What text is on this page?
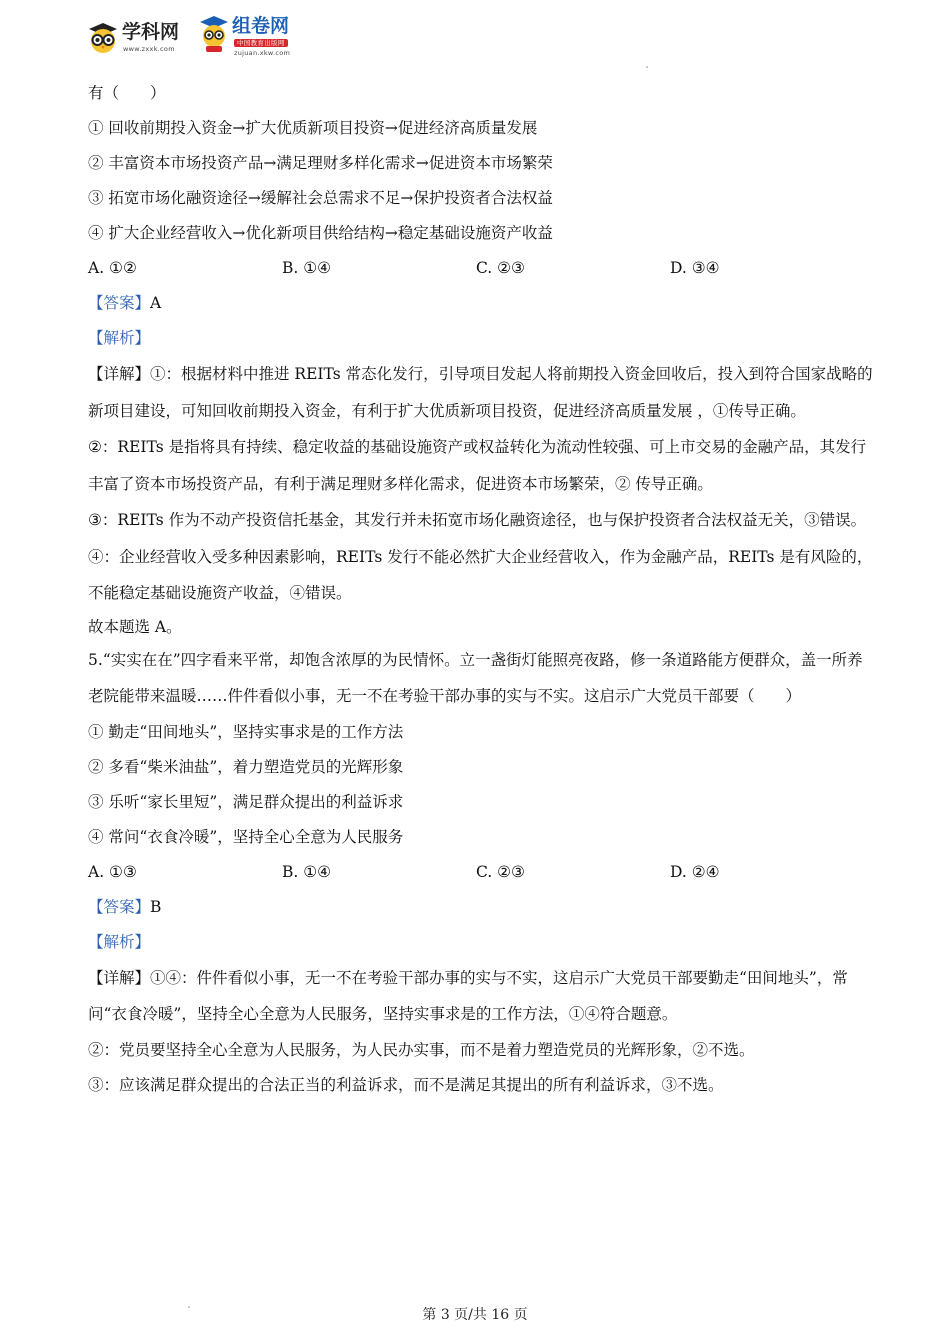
学科网
www.zxxk.com
组卷网
中国教育出版网
zujuan.xkw.com
有（　　）
① 回收前期投入资金→扩大优质新项目投资→促进经济高质量发展
② 丰富资本市场投资产品→满足理财多样化需求→促进资本市场繁荣
③ 拓宽市场化融资途径→缓解社会总需求不足→保护投资者合法权益
④ 扩大企业经营收入→优化新项目供给结构→稳定基础设施资产收益
A. ①②	B. ①④	C. ②③	D. ③④
【答案】A
【解析】
【详解】①：根据材料中推进 REITs 常态化发行，引导项目发起人将前期投入资金回收后，投入到符合国家战略的新项目建设，可知回收前期投入资金，有利于扩大优质新项目投资，促进经济高质量发展 ，①传导正确。
②：REITs 是指将具有持续、稳定收益的基础设施资产或权益转化为流动性较强、可上市交易的金融产品，其发行丰富了资本市场投资产品，有利于满足理财多样化需求，促进资本市场繁荣，② 传导正确。
③：REITs 作为不动产投资信托基金，其发行并未拓宽市场化融资途径，也与保护投资者合法权益无关，③错误。
④：企业经营收入受多种因素影响，REITs 发行不能必然扩大企业经营收入，作为金融产品，REITs 是有风险的，不能稳定基础设施资产收益，④错误。
故本题选 A。
5.“实实在在”四字看来平常，却饱含浓厚的为民情怀。立一盏街灯能照亮夜路，修一条道路能方便群众，盖一所养老院能带来温暖……件件看似小事，无一不在考验干部办事的实与不实。这启示广大党员干部要（　　）
① 勤走“田间地头”，坚持实事求是的工作方法
② 多看“柴米油盐”，着力塑造党员的光辉形象
③ 乐听“家长里短”，满足群众提出的利益诉求
④ 常问“衣食冷暖”，坚持全心全意为人民服务
A. ①③	B. ①④	C. ②③	D. ②④
【答案】B
【解析】
【详解】①④：件件看似小事，无一不在考验干部办事的实与不实，这启示广大党员干部要勤走“田间地头”，常问“衣食冷暖”，坚持全心全意为人民服务，坚持实事求是的工作方法，①④符合题意。
②：党员要坚持全心全意为人民服务，为人民办实事，而不是着力塑造党员的光辉形象，②不选。
③：应该满足群众提出的合法正当的利益诉求，而不是满足其提出的所有利益诉求，③不选。
第 3 页/共 16 页
